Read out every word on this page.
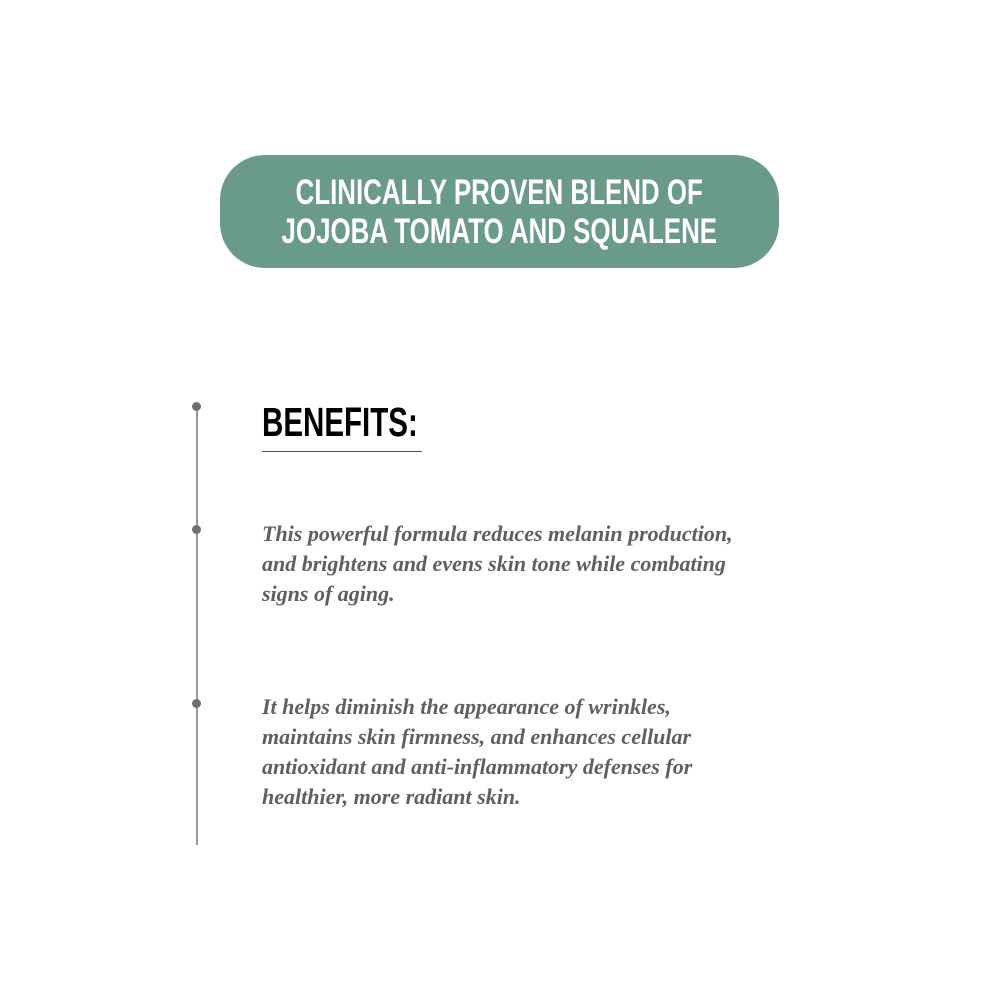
CLINICALLY PROVEN BLEND OF
JOJOBA TOMATO AND SQUALENE
BENEFITS:
This powerful formula reduces melanin production,
and brightens and evens skin tone while combating
signs of aging.
It helps diminish the appearance of wrinkles,
maintains skin firmness, and enhances cellular
antioxidant and anti-inflammatory defenses for
healthier, more radiant skin.
